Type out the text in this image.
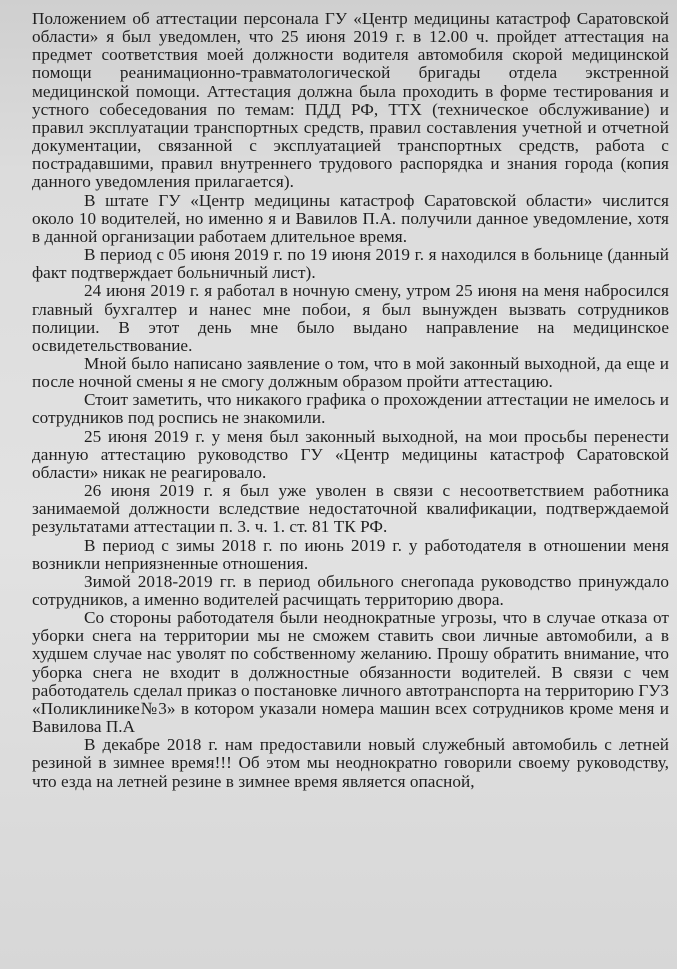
Положением об аттестации персонала ГУ «Центр медицины катастроф Саратовской области» я был уведомлен, что 25 июня 2019 г. в 12.00 ч. пройдет аттестация на предмет соответствия моей должности водителя автомобиля скорой медицинской помощи реанимационно-травматологической бригады отдела экстренной медицинской помощи. Аттестация должна была проходить в форме тестирования и устного собеседования по темам: ПДД РФ, ТТХ (техническое обслуживание) и правил эксплуатации транспортных средств, правил составления учетной и отчетной документации, связанной с эксплуатацией транспортных средств, работа с пострадавшими, правил внутреннего трудового распорядка и знания города (копия данного уведомления прилагается).

В штате ГУ «Центр медицины катастроф Саратовской области» числится около 10 водителей, но именно я и Вавилов П.А. получили данное уведомление, хотя в данной организации работаем длительное время.

В период с 05 июня 2019 г. по 19 июня 2019 г. я находился в больнице (данный факт подтверждает больничный лист).

24 июня 2019 г. я работал в ночную смену, утром 25 июня на меня набросился главный бухгалтер и нанес мне побои, я был вынужден вызвать сотрудников полиции. В этот день мне было выдано направление на медицинское освидетельствование.

Мной было написано заявление о том, что в мой законный выходной, да еще и после ночной смены я не смогу должным образом пройти аттестацию.

Стоит заметить, что никакого графика о прохождении аттестации не имелось и сотрудников под роспись не знакомили.

25 июня 2019 г. у меня был законный выходной, на мои просьбы перенести данную аттестацию руководство ГУ «Центр медицины катастроф Саратовской области» никак не реагировало.

26 июня 2019 г. я был уже уволен в связи с несоответствием работника занимаемой должности вследствие недостаточной квалификации, подтверждаемой результатами аттестации п. 3. ч. 1. ст. 81 ТК РФ.

В период с зимы 2018 г. по июнь 2019 г. у работодателя в отношении меня возникли неприязненные отношения.

Зимой 2018-2019 гг. в период обильного снегопада руководство принуждало сотрудников, а именно водителей расчищать территорию двора.

Со стороны работодателя были неоднократные угрозы, что в случае отказа от уборки снега на территории мы не сможем ставить свои личные автомобили, а в худшем случае нас уволят по собственному желанию. Прошу обратить внимание, что уборка снега не входит в должностные обязанности водителей. В связи с чем работодатель сделал приказ о постановке личного автотранспорта на территорию ГУЗ «Поликлинике№3» в котором указали номера машин всех сотрудников кроме меня и Вавилова П.А

В декабре 2018 г. нам предоставили новый служебный автомобиль с летней резиной в зимнее время!!! Об этом мы неоднократно говорили своему руководству, что езда на летней резине в зимнее время является опасной,
